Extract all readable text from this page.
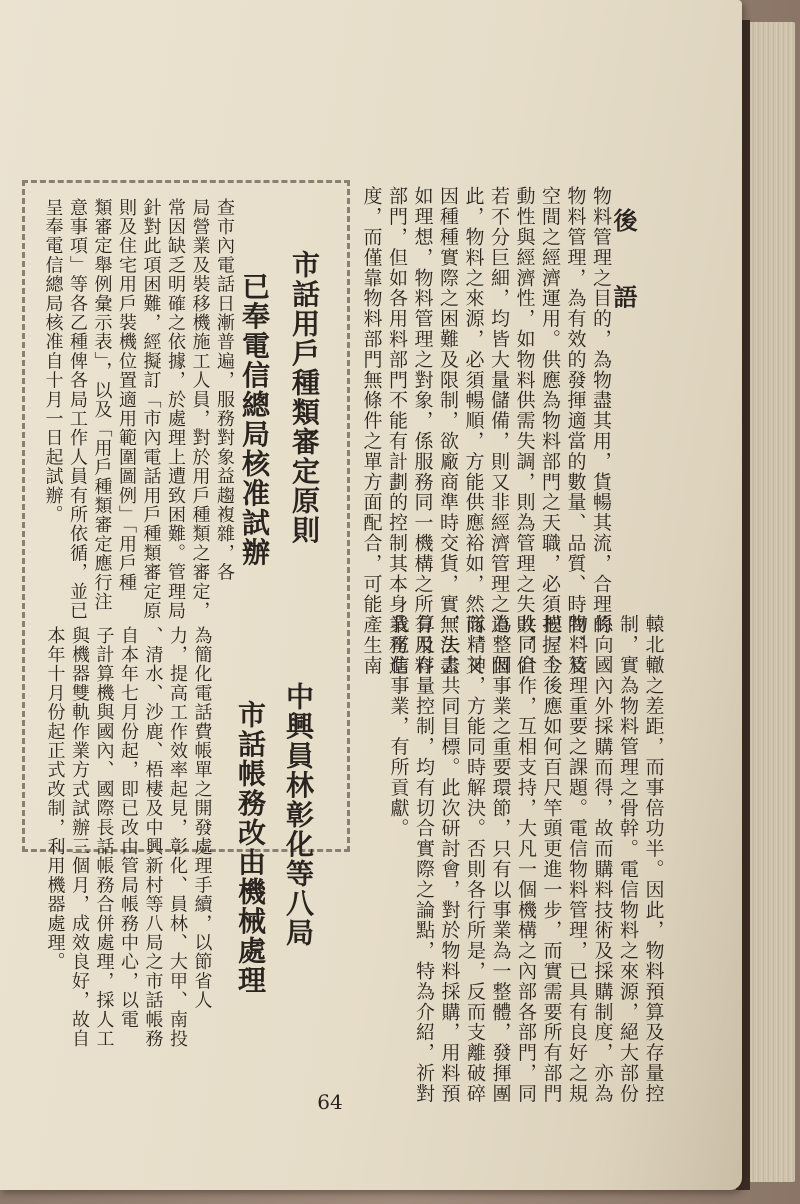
後 語
物料管理之目的，為物盡其用，貨暢其流，合理的
物料管理，為有效的發揮適當的數量、品質、時間、及
空間之經濟運用。供應為物料部門之天職，必須把握主
動性與經濟性，如物料供需失調，則為管理之失敗，但
若不分巨細，均皆大量儲備，則又非經濟管理之道。因
此，物料之來源，必須暢順，方能供應裕如，然而，又
因種種實際之困難及限制，欲廠商準時交貨，實無法盡
如理想，物料管理之對象，係服務同一機構之所有用料
部門，但如各用料部門不能有計劃的控制其本身業務進
度，而僅靠物料部門無條件之單方面配合，可能產生南
轅北轍之差距，而事倍功半。因此，物料預算及存量控
制，實為物料管理之骨幹。電信物料之來源，絕大部份
係向國內外採購而得，故而購料技術及採購制度，亦為
物料管理重要之課題。電信物料管理，已具有良好之規
模，今後應如何百尺竿頭更進一步，而實需要所有部門
共同合作，互相支持，大凡一個機構之內部各部門，同
為整個事業之重要環節，只有以事業為一整體，發揮團
隊精神，方能同時解決。否則各行所是，反而支離破碎
，失去共同目標。此次研討會，對於物料採購，用料預
算及存量控制，均有切合實際之論點，特為介紹，祈對
我電信事業，有所貢獻。
市話用戶種類審定原則
已奉電信總局核准試辦
查市內電話日漸普遍，服務對象益趨複雜，各
局營業及裝移機施工人員，對於用戶種類之審定，
常因缺乏明確之依據，於處理上遭致困難。管理局
針對此項困難，經擬訂「市內電話用戶種類審定原
則及住宅用戶裝機位置適用範圍圖例」「用戶種
類審定舉例彙示表」，以及「用戶種類審定應行注
意事項」等各乙種俾各局工作人員有所依循，並已
呈奉電信總局核准自十月一日起試辦。
中興員林彰化等八局
市話帳務改由機械處理
為簡化電話費帳單之開發處理手續，以節省人
力，提高工作效率起見，彰化、員林、大甲、南投
、清水、沙鹿、梧棲及中興新村等八局之市話帳務
自本年七月份起，即已改由管局帳務中心，以電
子計算機與國內、國際長話帳務合併處理，採人工
與機器雙軌作業方式試辦三個月，成效良好，故自
本年十月份起正式改制，利用機器處理。
64
